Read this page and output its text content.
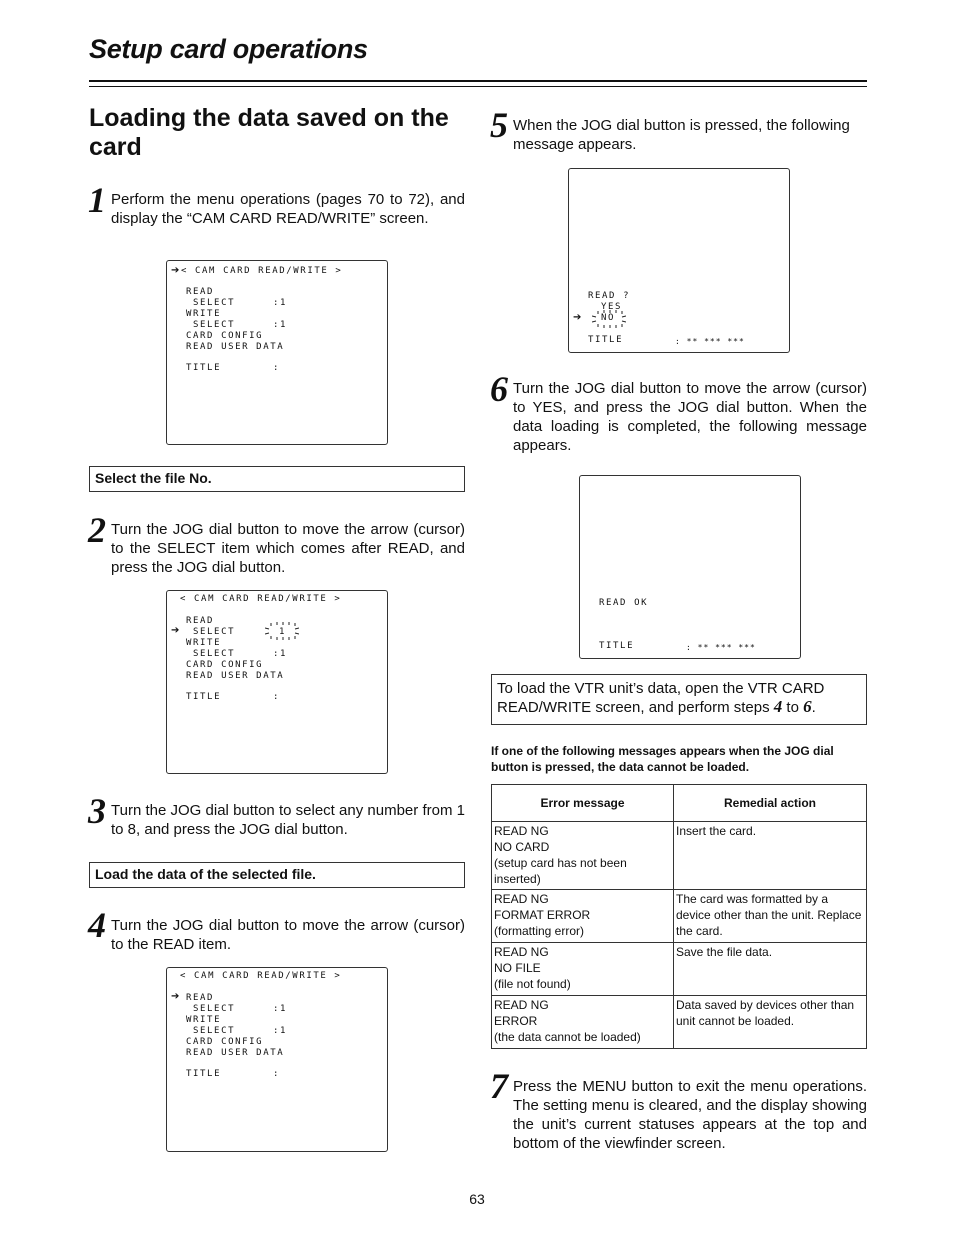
Setup card operations
Loading the data saved on the card
1 Perform the menu operations (pages 70 to 72), and display the “CAM CARD READ/WRITE” screen.
➔< CAM CARD READ/WRITE >
READ
SELECT	:1
WRITE
SELECT	:1
CARD CONFIG
READ USER DATA
TITLE	:
Select the file No.
2 Turn the JOG dial button to move the arrow (cursor) to the SELECT item which comes after READ, and press the JOG dial button.
< CAM CARD READ/WRITE >
READ
➔ SELECT	1
WRITE
SELECT	:1
CARD CONFIG
READ USER DATA
TITLE	:
3 Turn the JOG dial button to select any number from 1 to 8, and press the JOG dial button.
Load the data of the selected file.
4 Turn the JOG dial button to move the arrow (cursor) to the READ item.
< CAM CARD READ/WRITE >
➔ READ
SELECT	:1
WRITE
SELECT	:1
CARD CONFIG
READ USER DATA
TITLE	:
5 When the JOG dial button is pressed, the following message appears.
READ ?
YES
➔ NO
TITLE	: ** *** ***
6 Turn the JOG dial button to move the arrow (cursor) to YES, and press the JOG dial button. When the data loading is completed, the following message appears.
READ OK
TITLE	: ** *** ***
To load the VTR unit’s data, open the VTR CARD READ/WRITE screen, and perform steps 4 to 6.
If one of the following messages appears when the JOG dial button is pressed, the data cannot be loaded.
Error message	Remedial action

READ NG
NO CARD
(setup card has not been inserted)	Insert the card.

READ NG
FORMAT ERROR
(formatting error)	The card was formatted by a device other than the unit. Replace the card.

READ NG
NO FILE
(file not found)	Save the file data.

READ NG
ERROR
(the data cannot be loaded)	Data saved by devices other than unit cannot be loaded.
7 Press the MENU button to exit the menu operations. The setting menu is cleared, and the display showing the unit’s current statuses appears at the top and bottom of the viewfinder screen.
63
